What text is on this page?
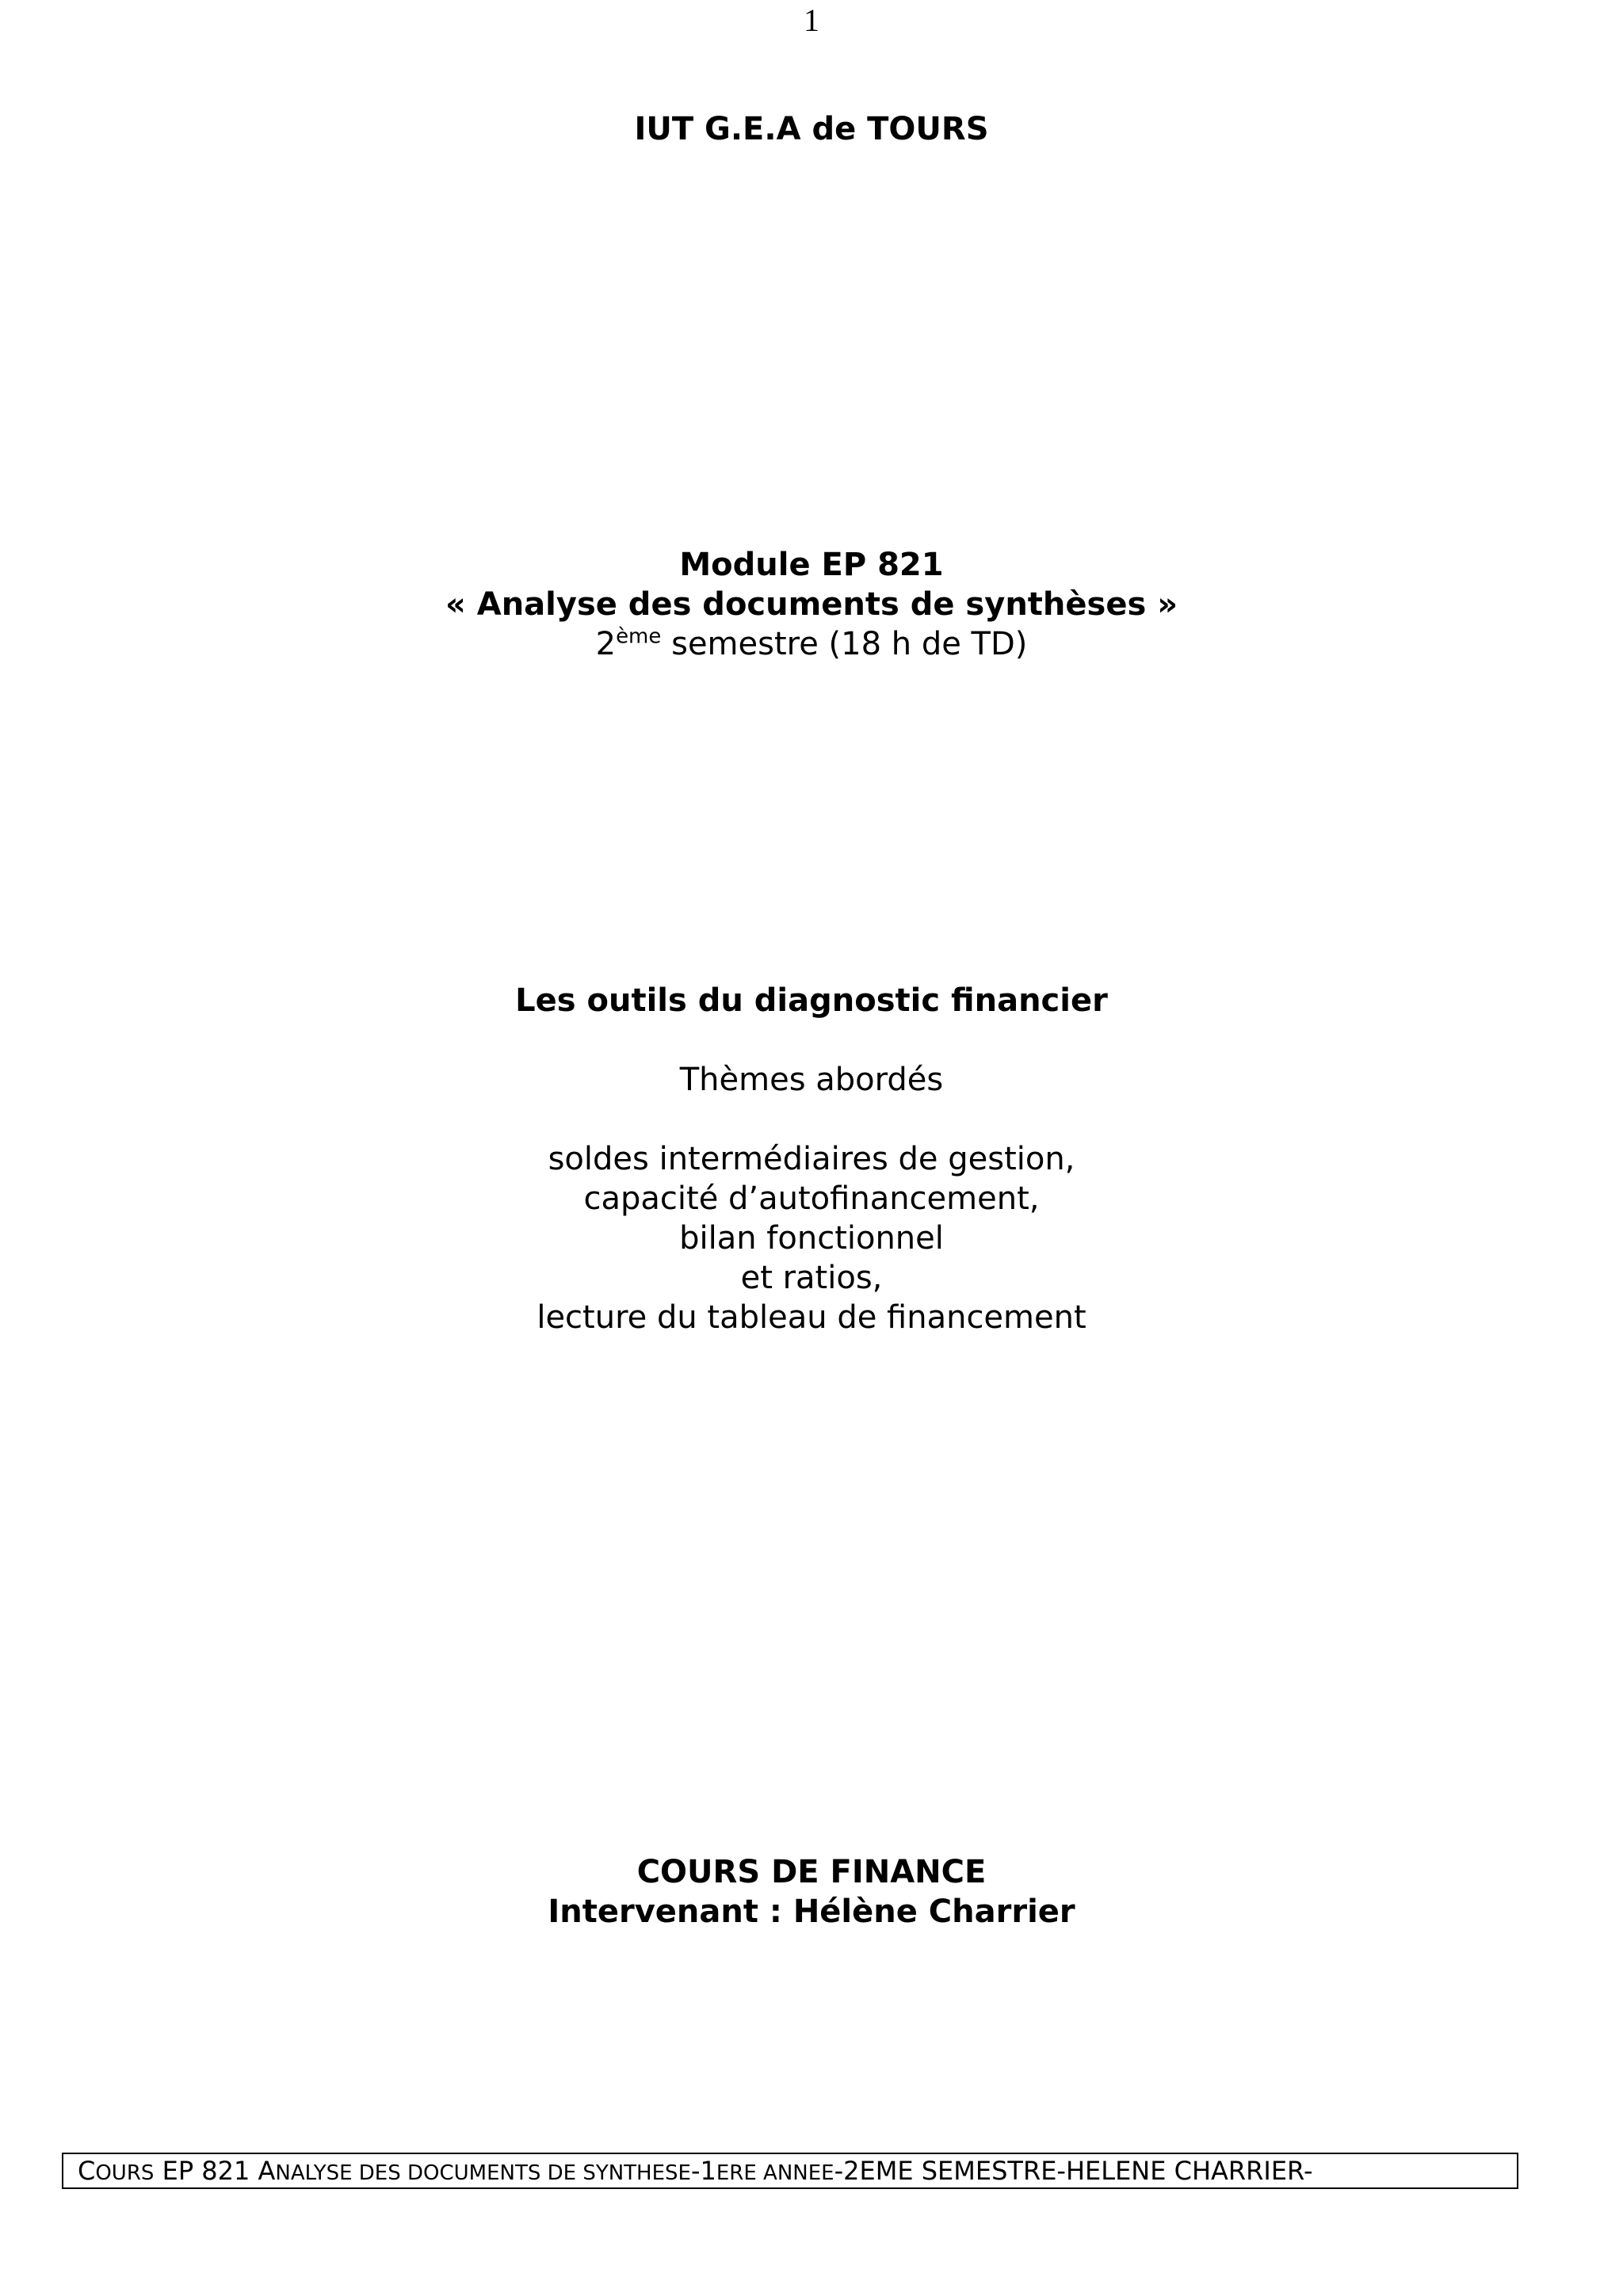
1
IUT G.E.A de TOURS
Module EP 821
« Analyse des documents de synthèses »
2ème semestre (18 h de TD)
Les outils du diagnostic financier
Thèmes abordés
soldes intermédiaires de gestion,
capacité d’autofinancement,
bilan fonctionnel
et ratios,
lecture du tableau de financement
COURS DE FINANCE
Intervenant : Hélène Charrier
COURS EP 821 ANALYSE DES DOCUMENTS DE SYNTHESE-1ERE ANNEE-2EME SEMESTRE-HELENE CHARRIER-
